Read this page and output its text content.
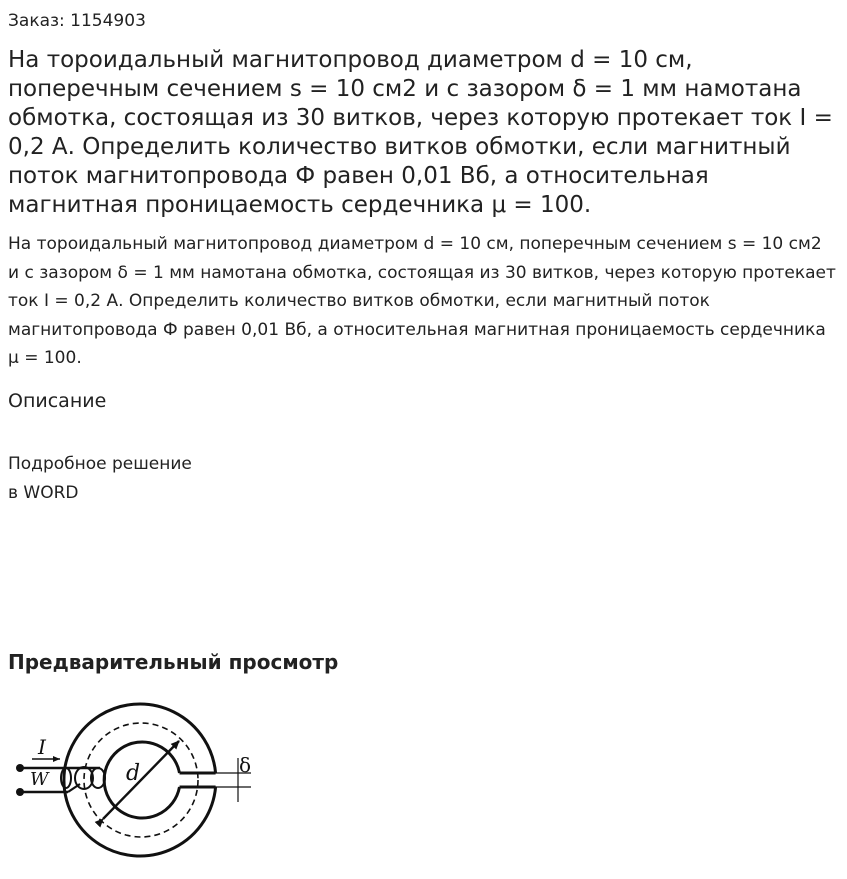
Заказ: 1154903
На тороидальный магнитопровод диаметром d = 10 см, поперечным сечением s = 10 см2 и с зазором δ = 1 мм намотана обмотка, состоящая из 30 витков, через которую протекает ток I = 0,2 А. Определить количество витков обмотки, если магнитный поток магнитопровода Ф равен 0,01 Вб, а относительная магнитная проницаемость сердечника μ = 100.

На тороидальный магнитопровод диаметром d = 10 см, поперечным сечением s = 10 см2 и с зазором δ = 1 мм намотана обмотка, состоящая из 30 витков, через которую протекает ток I = 0,2 А. Определить количество витков обмотки, если магнитный поток магнитопровода Ф равен 0,01 Вб, а относительная магнитная проницаемость сердечника μ = 100.

Описание
Подробное решение
в WORD
Предварительный просмотр
d	δ
I
W
